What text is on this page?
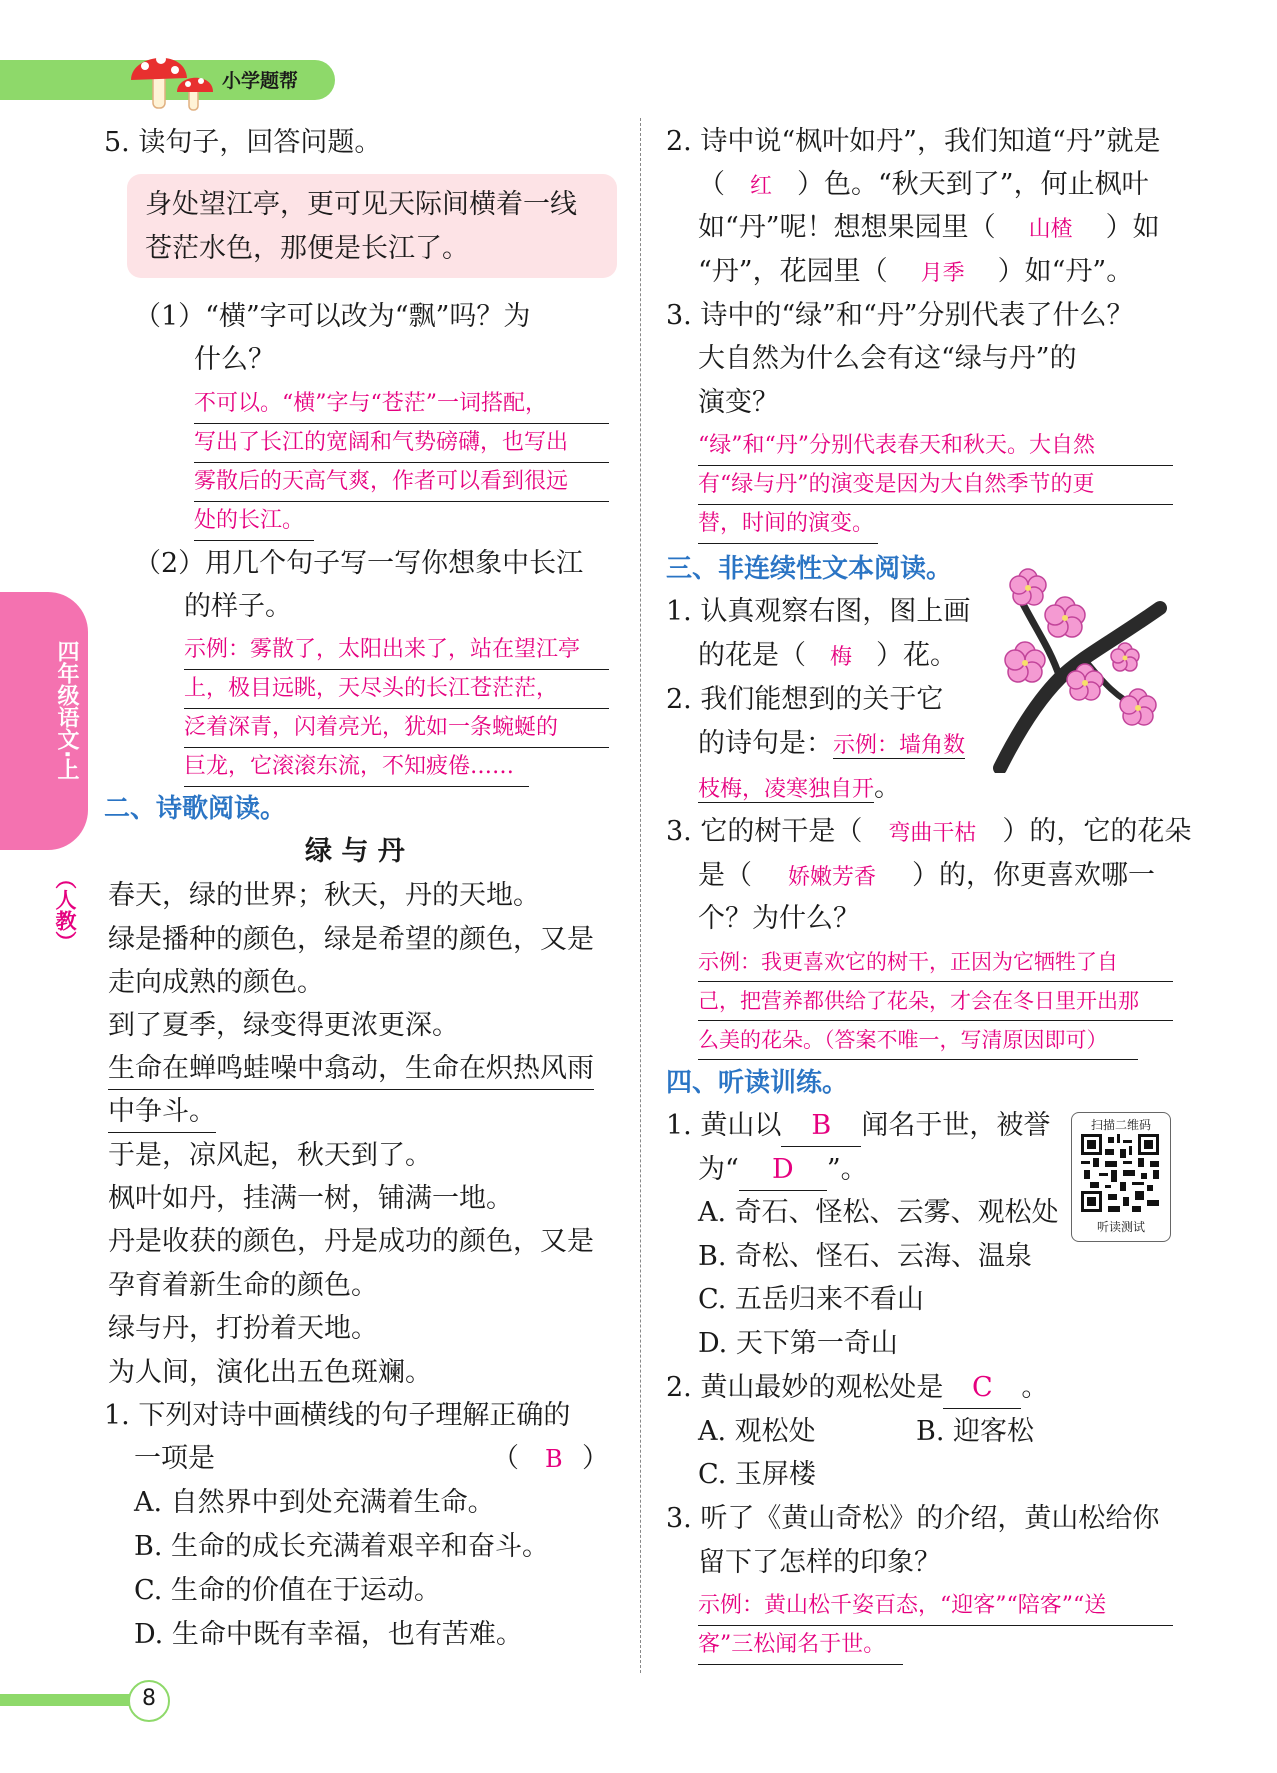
小学题帮
四年级语文·上
（人教）
8
5. 读句子，回答问题。
身处望江亭，更可见天际间横着一线
苍茫水色，那便是长江了。
（1）“横”字可以改为“飘”吗？为
什么？
不可以。“横”字与“苍茫”一词搭配，
写出了长江的宽阔和气势磅礴，也写出
雾散后的天高气爽，作者可以看到很远
处的长江。
（2）用几个句子写一写你想象中长江
的样子。
示例：雾散了，太阳出来了，站在望江亭
上，极目远眺，天尽头的长江苍茫茫，
泛着深青，闪着亮光，犹如一条蜿蜒的
巨龙，它滚滚东流，不知疲倦……
二、诗歌阅读。
绿 与 丹
春天，绿的世界；秋天，丹的天地。
绿是播种的颜色，绿是希望的颜色，又是
走向成熟的颜色。
到了夏季，绿变得更浓更深。
生命在蝉鸣蛙噪中翕动，生命在炽热风雨
中争斗。
于是，凉风起，秋天到了。
枫叶如丹，挂满一树，铺满一地。
丹是收获的颜色，丹是成功的颜色，又是
孕育着新生命的颜色。
绿与丹，打扮着天地。
为人间，演化出五色斑斓。
1. 下列对诗中画横线的句子理解正确的
一项是	（ B ）
A. 自然界中到处充满着生命。
B. 生命的成长充满着艰辛和奋斗。
C. 生命的价值在于运动。
D. 生命中既有幸福，也有苦难。
2. 诗中说“枫叶如丹”，我们知道“丹”就是
（ 红 ）色。“秋天到了”，何止枫叶
如“丹”呢！想想果园里（ 山楂 ）如
“丹”，花园里（ 月季 ）如“丹”。
3. 诗中的“绿”和“丹”分别代表了什么？
大自然为什么会有这“绿与丹”的
演变？
“绿”和“丹”分别代表春天和秋天。大自然
有“绿与丹”的演变是因为大自然季节的更
替，时间的演变。
三、非连续性文本阅读。
1. 认真观察右图，图上画
的花是（ 梅 ）花。
2. 我们能想到的关于它
的诗句是：示例：墙角数
枝梅，凌寒独自开。
3. 它的树干是（ 弯曲干枯 ）的，它的花朵
是（ 娇嫩芳香 ）的，你更喜欢哪一
个？为什么？
示例：我更喜欢它的树干，正因为它牺牲了自
己，把营养都供给了花朵，才会在冬日里开出那
么美的花朵。（答案不唯一，写清原因即可）
四、听读训练。
扫描二维码
听读测试
1. 黄山以 B 闻名于世，被誉
为“ D ”。
A. 奇石、怪松、云雾、观松处
B. 奇松、怪石、云海、温泉
C. 五岳归来不看山
D. 天下第一奇山
2. 黄山最妙的观松处是 C 。
A. 观松处	B. 迎客松
C. 玉屏楼
3. 听了《黄山奇松》的介绍，黄山松给你
留下了怎样的印象？
示例：黄山松千姿百态，“迎客”“陪客”“送
客”三松闻名于世。
